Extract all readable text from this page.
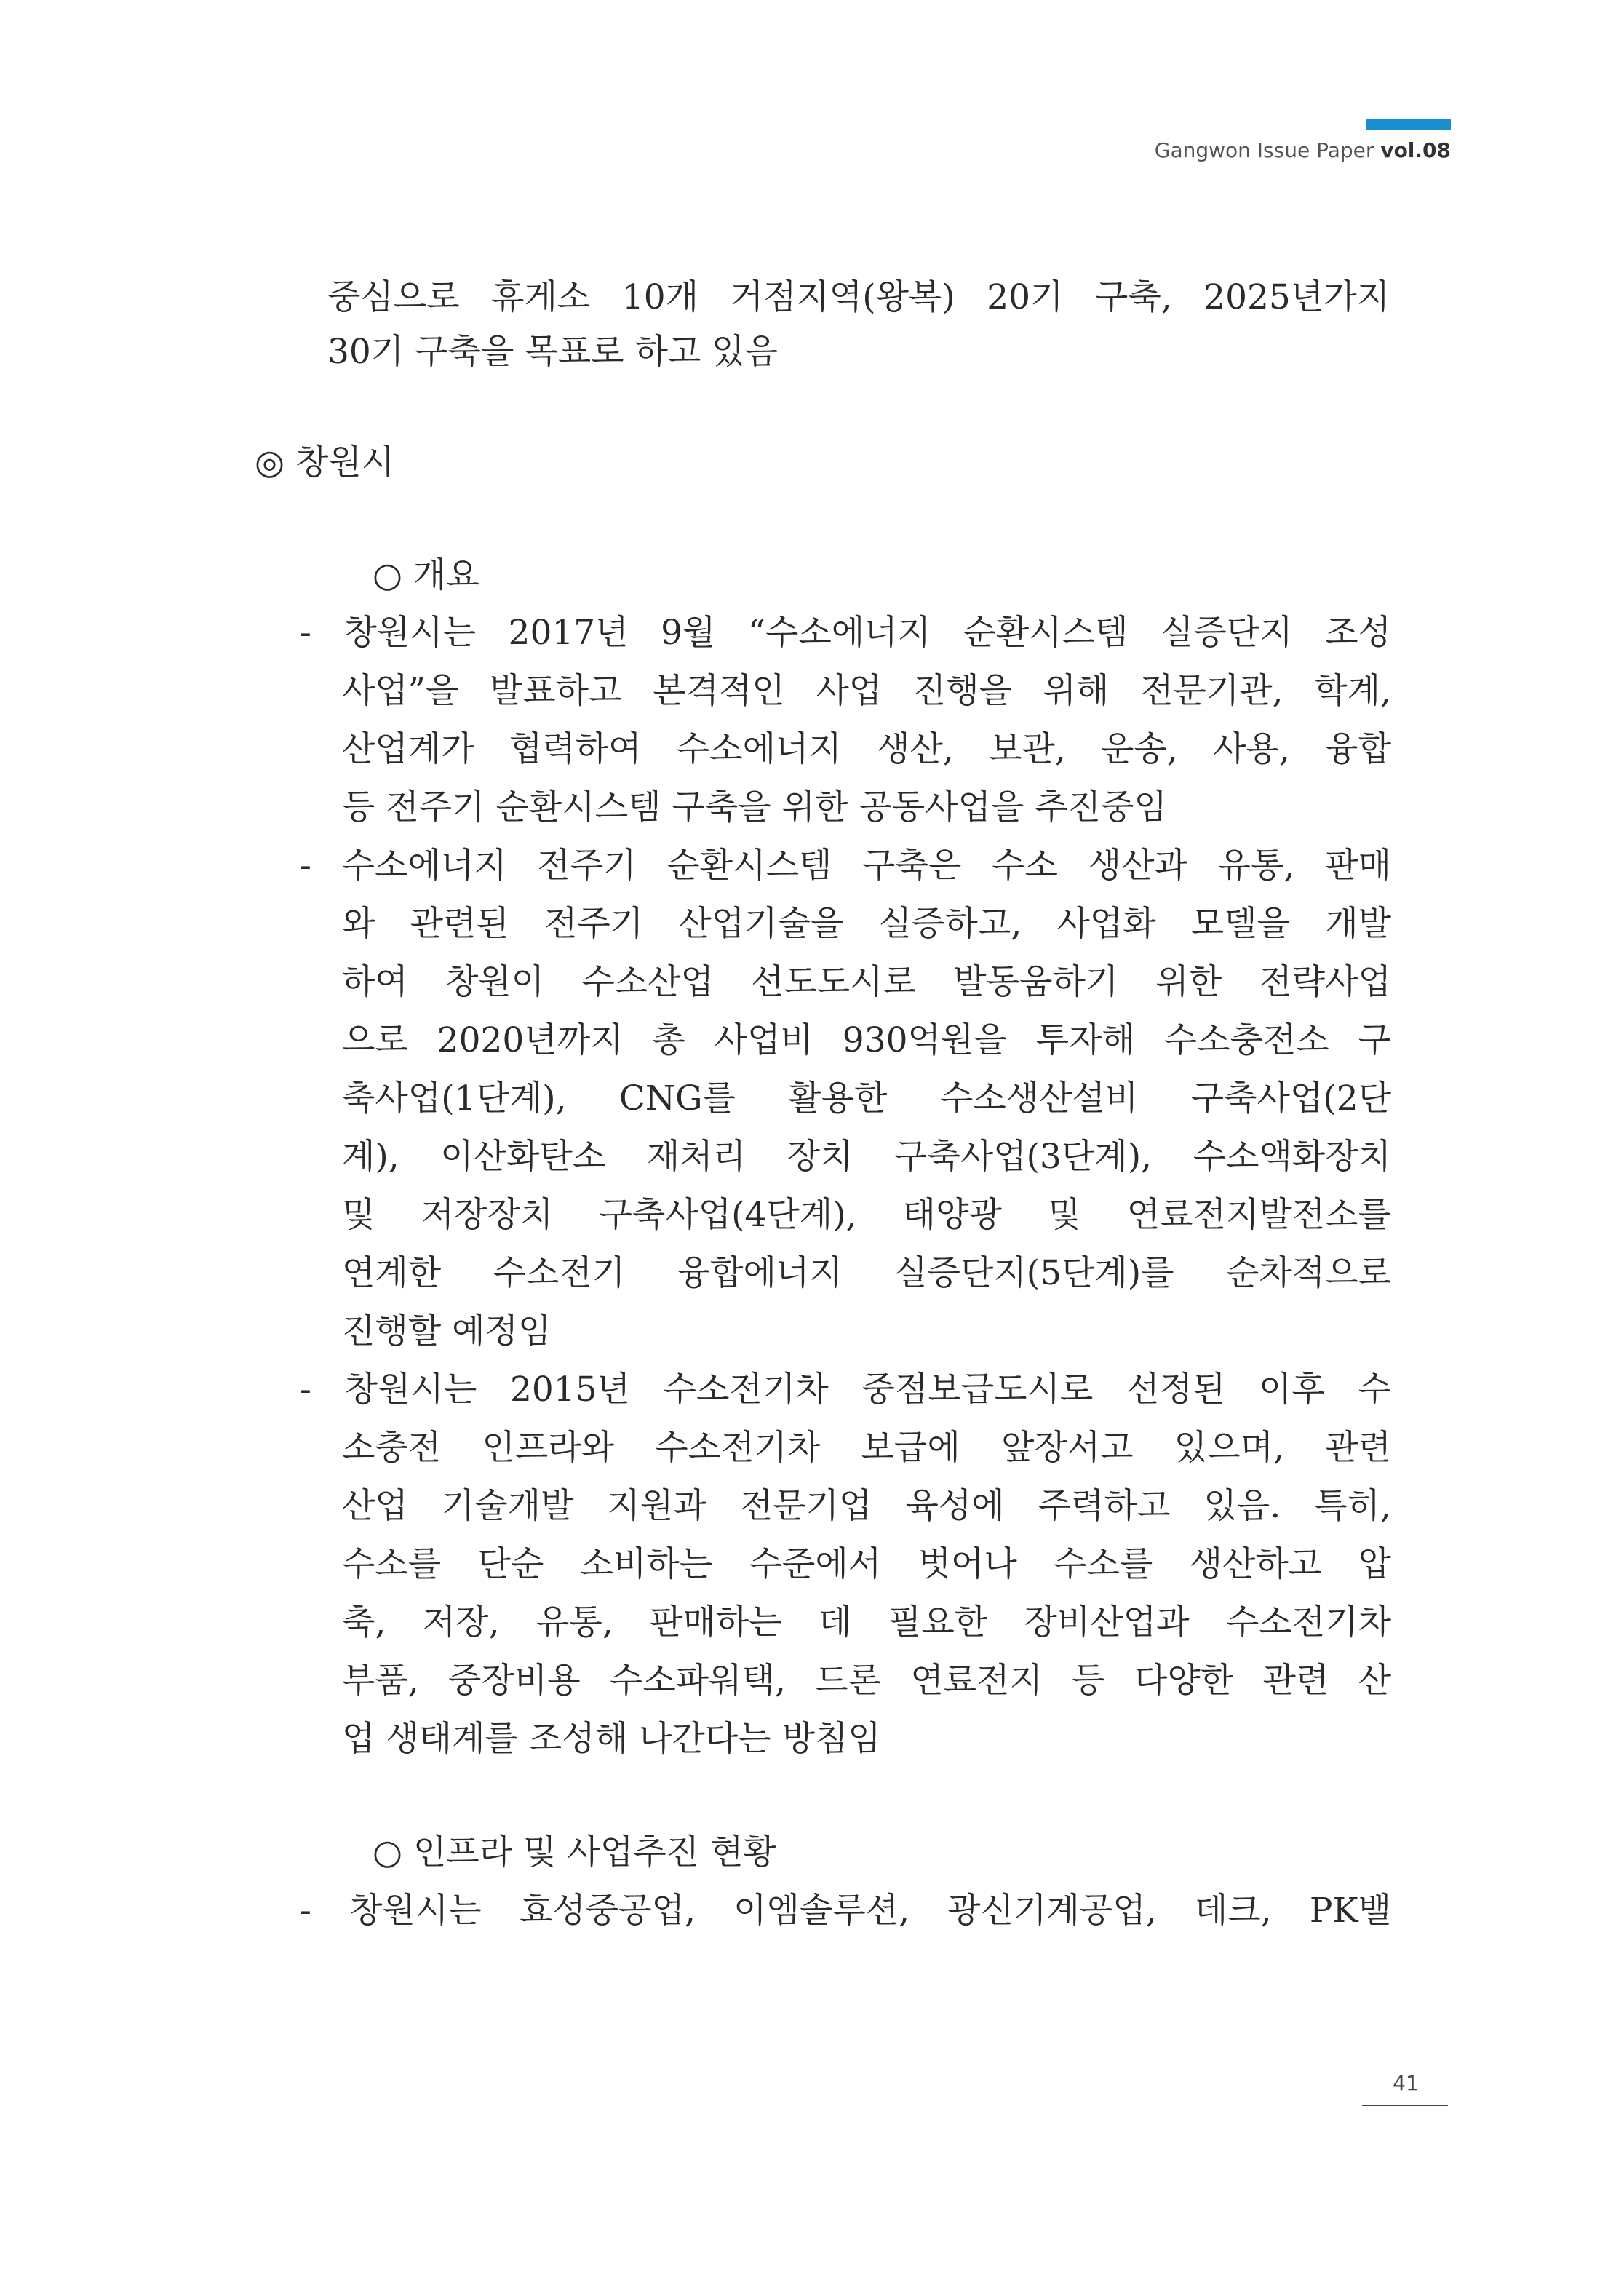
Gangwon Issue Paper vol.08
중심으로 휴게소 10개 거점지역(왕복) 20기 구축, 2025년가지
30기 구축을 목표로 하고 있음
◎ 창원시
○ 개요
- 창원시는 2017년 9월 “수소에너지 순환시스템 실증단지 조성
사업”을 발표하고 본격적인 사업 진행을 위해 전문기관, 학계,
산업계가 협력하여 수소에너지 생산, 보관, 운송, 사용, 융합
등 전주기 순환시스템 구축을 위한 공동사업을 추진중임
- 수소에너지 전주기 순환시스템 구축은 수소 생산과 유통, 판매
와 관련된 전주기 산업기술을 실증하고, 사업화 모델을 개발
하여 창원이 수소산업 선도도시로 발동움하기 위한 전략사업
으로 2020년까지 총 사업비 930억원을 투자해 수소충전소 구
축사업(1단계), CNG를 활용한 수소생산설비 구축사업(2단
계), 이산화탄소 재처리 장치 구축사업(3단계), 수소액화장치
및 저장장치 구축사업(4단계), 태양광 및 연료전지발전소를
연계한 수소전기 융합에너지 실증단지(5단계)를 순차적으로
진행할 예정임
- 창원시는 2015년 수소전기차 중점보급도시로 선정된 이후 수
소충전 인프라와 수소전기차 보급에 앞장서고 있으며, 관련
산업 기술개발 지원과 전문기업 육성에 주력하고 있음. 특히,
수소를 단순 소비하는 수준에서 벗어나 수소를 생산하고 압
축, 저장, 유통, 판매하는 데 필요한 장비산업과 수소전기차
부품, 중장비용 수소파워택, 드론 연료전지 등 다양한 관련 산
업 생태계를 조성해 나간다는 방침임
○ 인프라 및 사업추진 현황
- 창원시는 효성중공업, 이엠솔루션, 광신기계공업, 데크, PK밸
41
